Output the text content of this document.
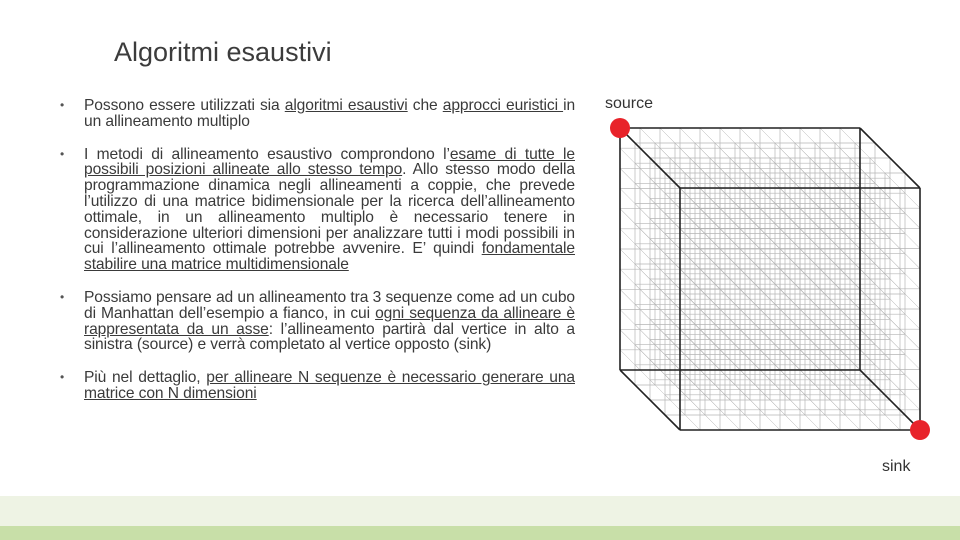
Algoritmi esaustivi
• Possono essere utilizzati sia algoritmi esaustivi che approcci euristici in un allineamento multiplo
• I metodi di allineamento esaustivo comprondono l’esame di tutte le possibili posizioni allineate allo stesso tempo. Allo stesso modo della programmazione dinamica negli allineamenti a coppie, che prevede l’utilizzo di una matrice bidimensionale per la ricerca dell’allineamento ottimale, in un allineamento multiplo è necessario tenere in considerazione ulteriori dimensioni per analizzare tutti i modi possibili in cui l’allineamento ottimale potrebbe avvenire. E’ quindi fondamentale stabilire una matrice multidimensionale
• Possiamo pensare ad un allineamento tra 3 sequenze come ad un cubo di Manhattan dell’esempio a fianco, in cui ogni sequenza da allineare è rappresentata da un asse: l’allineamento partirà dal vertice in alto a sinistra (source) e verrà completato al vertice opposto (sink)
• Più nel dettaglio, per allineare N sequenze è necessario generare una matrice con N dimensioni
source
sink
